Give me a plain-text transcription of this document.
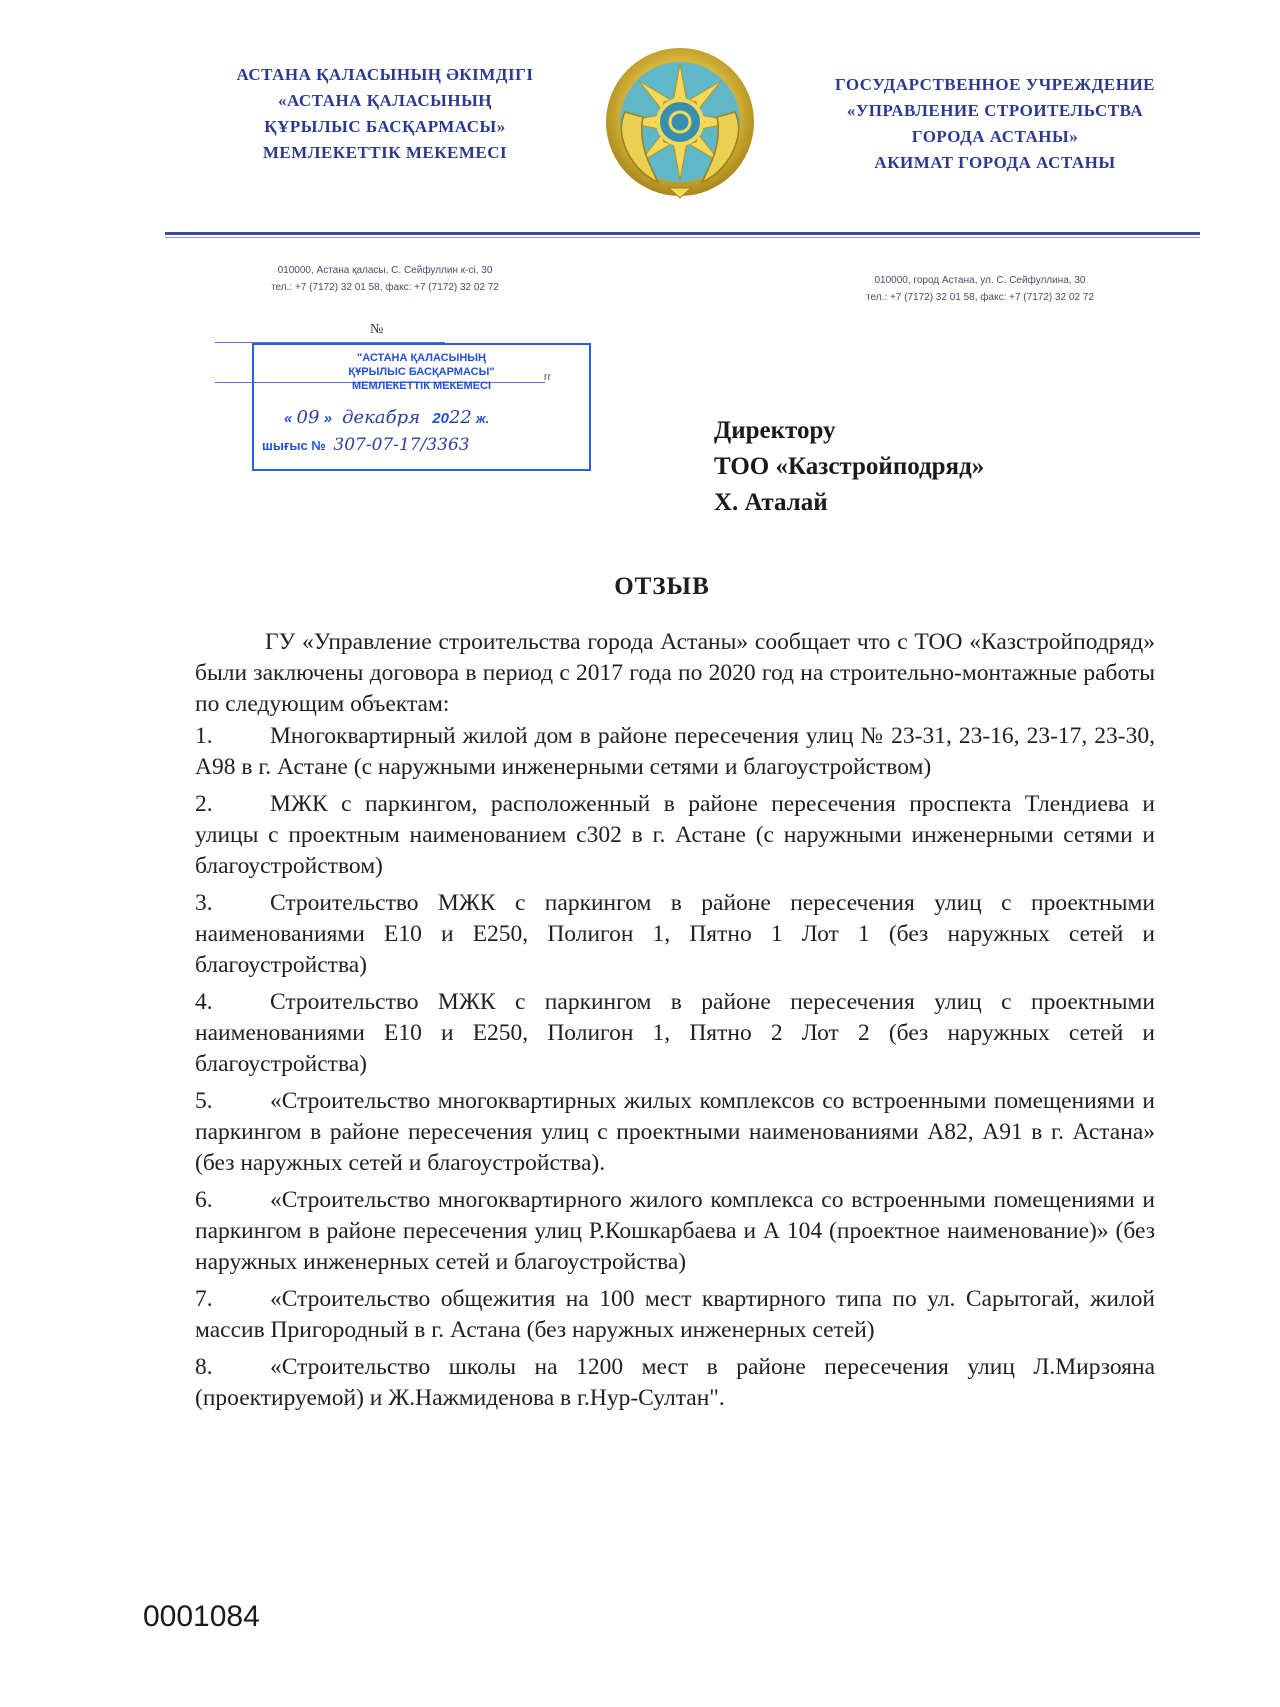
АСТАНА ҚАЛАСЫНЫҢ ӘКІМДІГІ
«АСТАНА ҚАЛАСЫНЫҢ
ҚҰРЫЛЫС БАСҚАРМАСЫ»
МЕМЛЕКЕТТІК МЕКЕМЕСІ
ГОСУДАРСТВЕННОЕ УЧРЕЖДЕНИЕ
«УПРАВЛЕНИЕ СТРОИТЕЛЬСТВА
ГОРОДА АСТАНЫ»
АКИМАТ ГОРОДА АСТАНЫ
010000, Астана қаласы, С. Сейфуллин к-сі, 30
тел.: +7 (7172) 32 01 58, факс: +7 (7172) 32 02 72
010000, город Астана, ул. С. Сейфуллина, 30
тел.: +7 (7172) 32 01 58, факс: +7 (7172) 32 02 72
№
гг
"АСТАНА ҚАЛАСЫНЫҢ
ҚҰРЫЛЫС БАСҚАРМАСЫ"
МЕМЛЕКЕТТІК МЕКЕМЕСІ
« 09 » декабря 2022 ж.
шығыс № 307-07-17/3363
Директору
ТОО «Казстройподряд»
Х. Аталай
ОТЗЫВ

ГУ «Управление строительства города Астаны» сообщает что с ТОО «Казстройподряд» были заключены договора в период с 2017 года по 2020 год на строительно-монтажные работы по следующим объектам:

1. Многоквартирный жилой дом в районе пересечения улиц № 23-31, 23-16, 23-17, 23-30, А98 в г. Астане (с наружными инженерными сетями и благоустройством)
2. МЖК с паркингом, расположенный в районе пересечения проспекта Тлендиева и улицы с проектным наименованием с302 в г. Астане (с наружными инженерными сетями и благоустройством)
3. Строительство МЖК с паркингом в районе пересечения улиц с проектными наименованиями Е10 и Е250, Полигон 1, Пятно 1 Лот 1 (без наружных сетей и благоустройства)
4. Строительство МЖК с паркингом в районе пересечения улиц с проектными наименованиями Е10 и Е250, Полигон 1, Пятно 2 Лот 2 (без наружных сетей и благоустройства)
5. «Строительство многоквартирных жилых комплексов со встроенными помещениями и паркингом в районе пересечения улиц с проектными наименованиями А82, А91 в г. Астана» (без наружных сетей и благоустройства).
6. «Строительство многоквартирного жилого комплекса со встроенными помещениями и паркингом в районе пересечения улиц Р.Кошкарбаева и А 104 (проектное наименование)» (без наружных инженерных сетей и благоустройства)
7. «Строительство общежития на 100 мест квартирного типа по ул. Сарытогай, жилой массив Пригородный в г. Астана (без наружных инженерных сетей)
8. «Строительство школы на 1200 мест в районе пересечения улиц Л.Мирзояна (проектируемой) и Ж.Нажмиденова в г.Нур-Султан".
0001084
